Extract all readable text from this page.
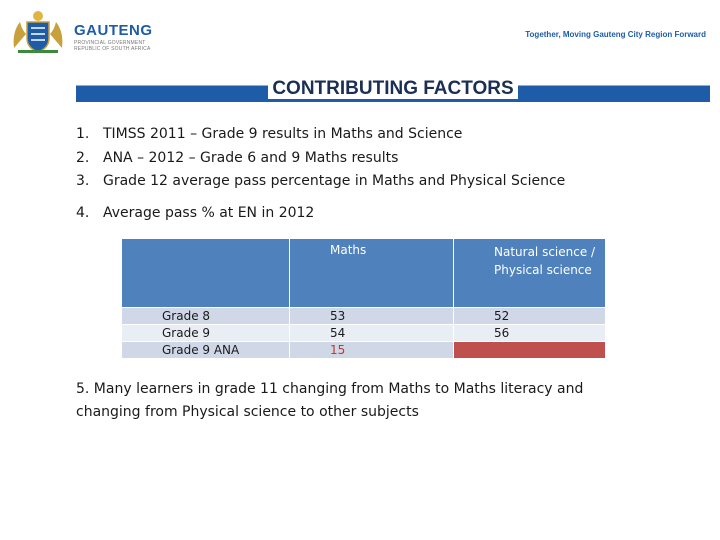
GAUTENG
PROVINCIAL GOVERNMENT
REPUBLIC OF SOUTH AFRICA
Together, Moving Gauteng City Region Forward
CONTRIBUTING FACTORS
1. TIMSS 2011 – Grade 9 results in Maths and Science
2. ANA – 2012 – Grade 6 and 9 Maths results
3. Grade 12 average pass percentage in Maths and Physical Science
4. Average pass % at EN in 2012
	Maths	Natural science / Physical science
Grade 8	53	52
Grade 9	54	56
Grade 9 ANA	15	
5. Many learners in grade 11 changing from Maths to Maths literacy and changing from Physical science to other subjects
